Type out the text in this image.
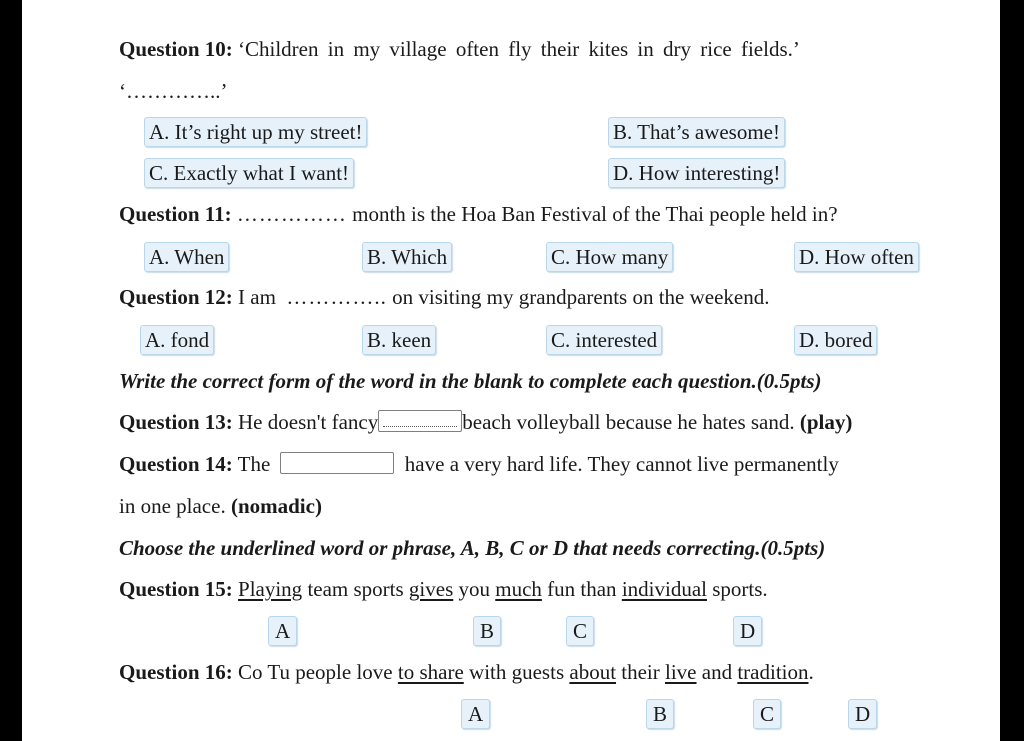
Question 10: ‘Children in my village often fly their kites in dry rice fields.’
‘…………..’
A. It’s right up my street!	B. That’s awesome!
C. Exactly what I want!	D. How interesting!
Question 11: …………… month is the Hoa Ban Festival of the Thai people held in?
A. When	B. Which	C. How many	D. How often
Question 12: I am ………….. on visiting my grandparents on the weekend.
A. fond	B. keen	C. interested	D. bored
Write the correct form of the word in the blank to complete each question.(0.5pts)
Question 13: He doesn't fancy	beach volleyball because he hates sand. (play)
Question 14: The	have a very hard life. They cannot live permanently
in one place. (nomadic)
Choose the underlined word or phrase, A, B, C or D that needs correcting.(0.5pts)
Question 15: Playing team sports gives you much fun than individual sports.
A	B	C	D
Question 16: Co Tu people love to share with guests about their live and tradition.
A	B	C	D
